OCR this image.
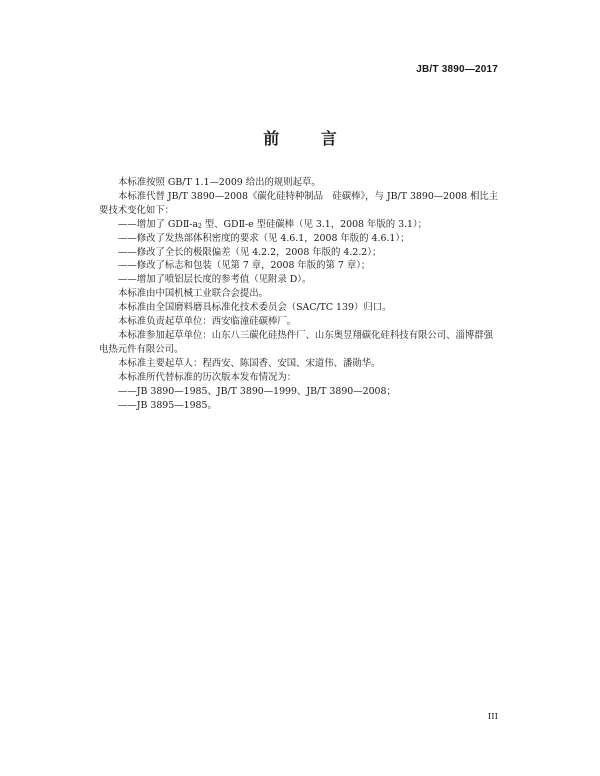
JB/T 3890—2017
前 言

本标准按照 GB/T 1.1—2009 给出的规则起草。

本标准代替 JB/T 3890—2008《碳化硅特种制品　硅碳棒》，与 JB/T 3890—2008 相比主要技术变化如下：

——增加了 GDⅡ-$a_2$ 型、GDⅡ-e 型硅碳棒（见 3.1，2008 年版的 3.1）；

——修改了发热部体积密度的要求（见 4.6.1，2008 年版的 4.6.1）；

——修改了全长的极限偏差（见 4.2.2，2008 年版的 4.2.2）；

——修改了标志和包装（见第 7 章，2008 年版的第 7 章）；

——增加了喷铝层长度的参考值（见附录 D）。

本标准由中国机械工业联合会提出。

本标准由全国磨料磨具标准化技术委员会（SAC/TC 139）归口。

本标准负责起草单位：西安临潼硅碳棒厂。

本标准参加起草单位：山东八三碳化硅热件厂、山东奥昱翔碳化硅科技有限公司、淄博群强电热元件有限公司。

本标准主要起草人：程西安、陈国香、安国、宋道伟、潘勋华。

本标准所代替标准的历次版本发布情况为：

——JB 3890—1985、JB/T 3890—1999、JB/T 3890—2008；

——JB 3895—1985。

III
